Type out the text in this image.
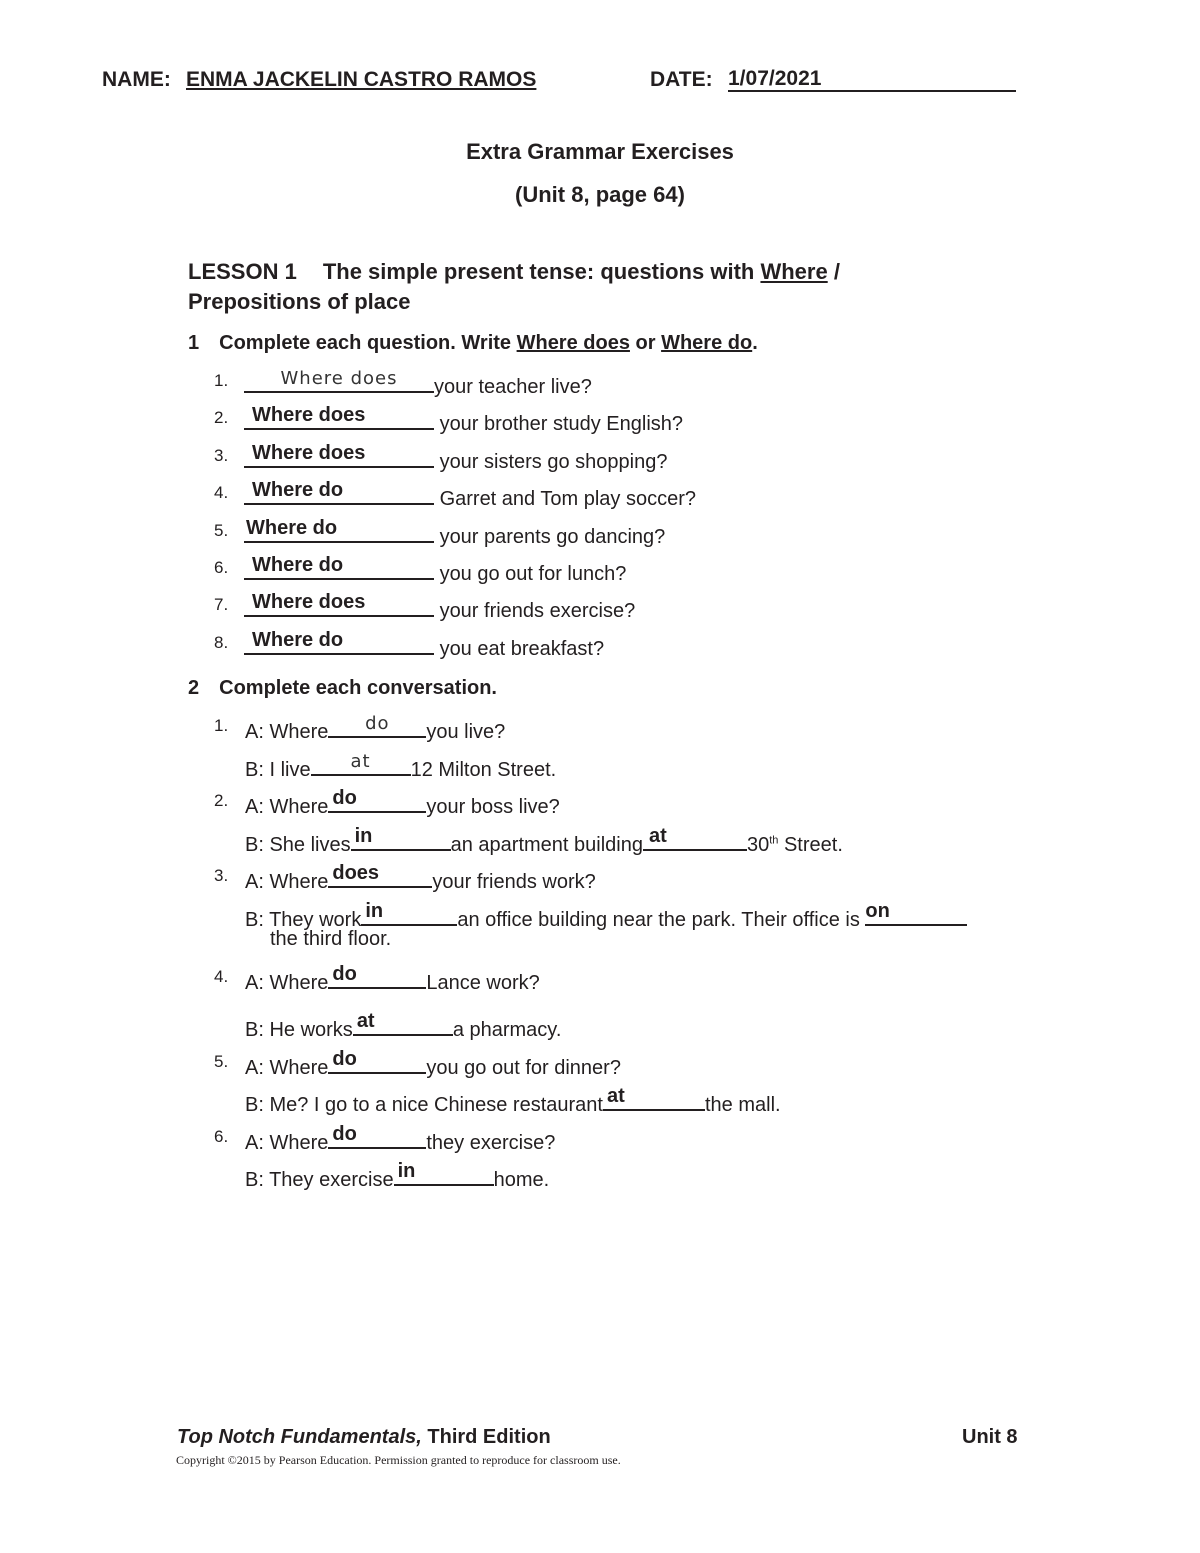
NAME: ENMA JACKELIN CASTRO RAMOS	DATE: 1/07/2021
Extra Grammar Exercises
(Unit 8, page 64)
LESSON 1 The simple present tense: questions with Where /
Prepositions of place
1 Complete each question. Write Where does or Where do.
1.	Where does	your teacher live?
2. Where does	your brother study English?
3. Where does	your sisters go shopping?
4. Where do	Garret and Tom play soccer?
5. Where do	your parents go dancing?
6. Where do	you go out for lunch?
7. Where does	your friends exercise?
8. Where do	you eat breakfast?
2 Complete each conversation.
1. A: Where	do	you live?
B: I live	at	12 Milton Street.
2. A: Where do	your boss live?
B: She lives in	an apartment building at	30th Street.
3. A: Where does	your friends work?
B: They work in	an office building near the park. Their office is on
the third floor.
4. A: Where do	Lance work?
B: He works at	a pharmacy.
5. A: Where do	you go out for dinner?
B: Me? I go to a nice Chinese restaurant at	the mall.
6. A: Where do	they exercise?
B: They exercise in	home.
Top Notch Fundamentals, Third Edition	Unit 8
Copyright ©2015 by Pearson Education. Permission granted to reproduce for classroom use.
